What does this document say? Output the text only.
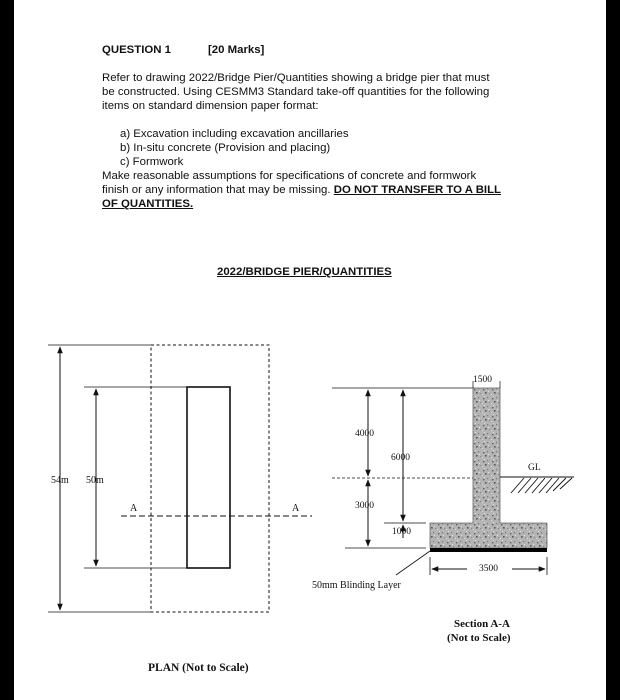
QUESTION 1	[20 Marks]
Refer to drawing 2022/Bridge Pier/Quantities showing a bridge pier that must
be constructed. Using CESMM3 Standard take-off quantities for the following
items on standard dimension paper format:
a) Excavation including excavation ancillaries
b) In-situ concrete (Provision and placing)
c) Formwork
Make reasonable assumptions for specifications of concrete and formwork
finish or any information that may be missing. DO NOT TRANSFER TO A BILL
OF QUANTITIES.
2022/BRIDGE PIER/QUANTITIES
54m 50m
A	A
PLAN (Not to Scale)
4000
6000
3000
1000
1500
3500
GL
50mm Blinding Layer
Section A-A
(Not to Scale)
